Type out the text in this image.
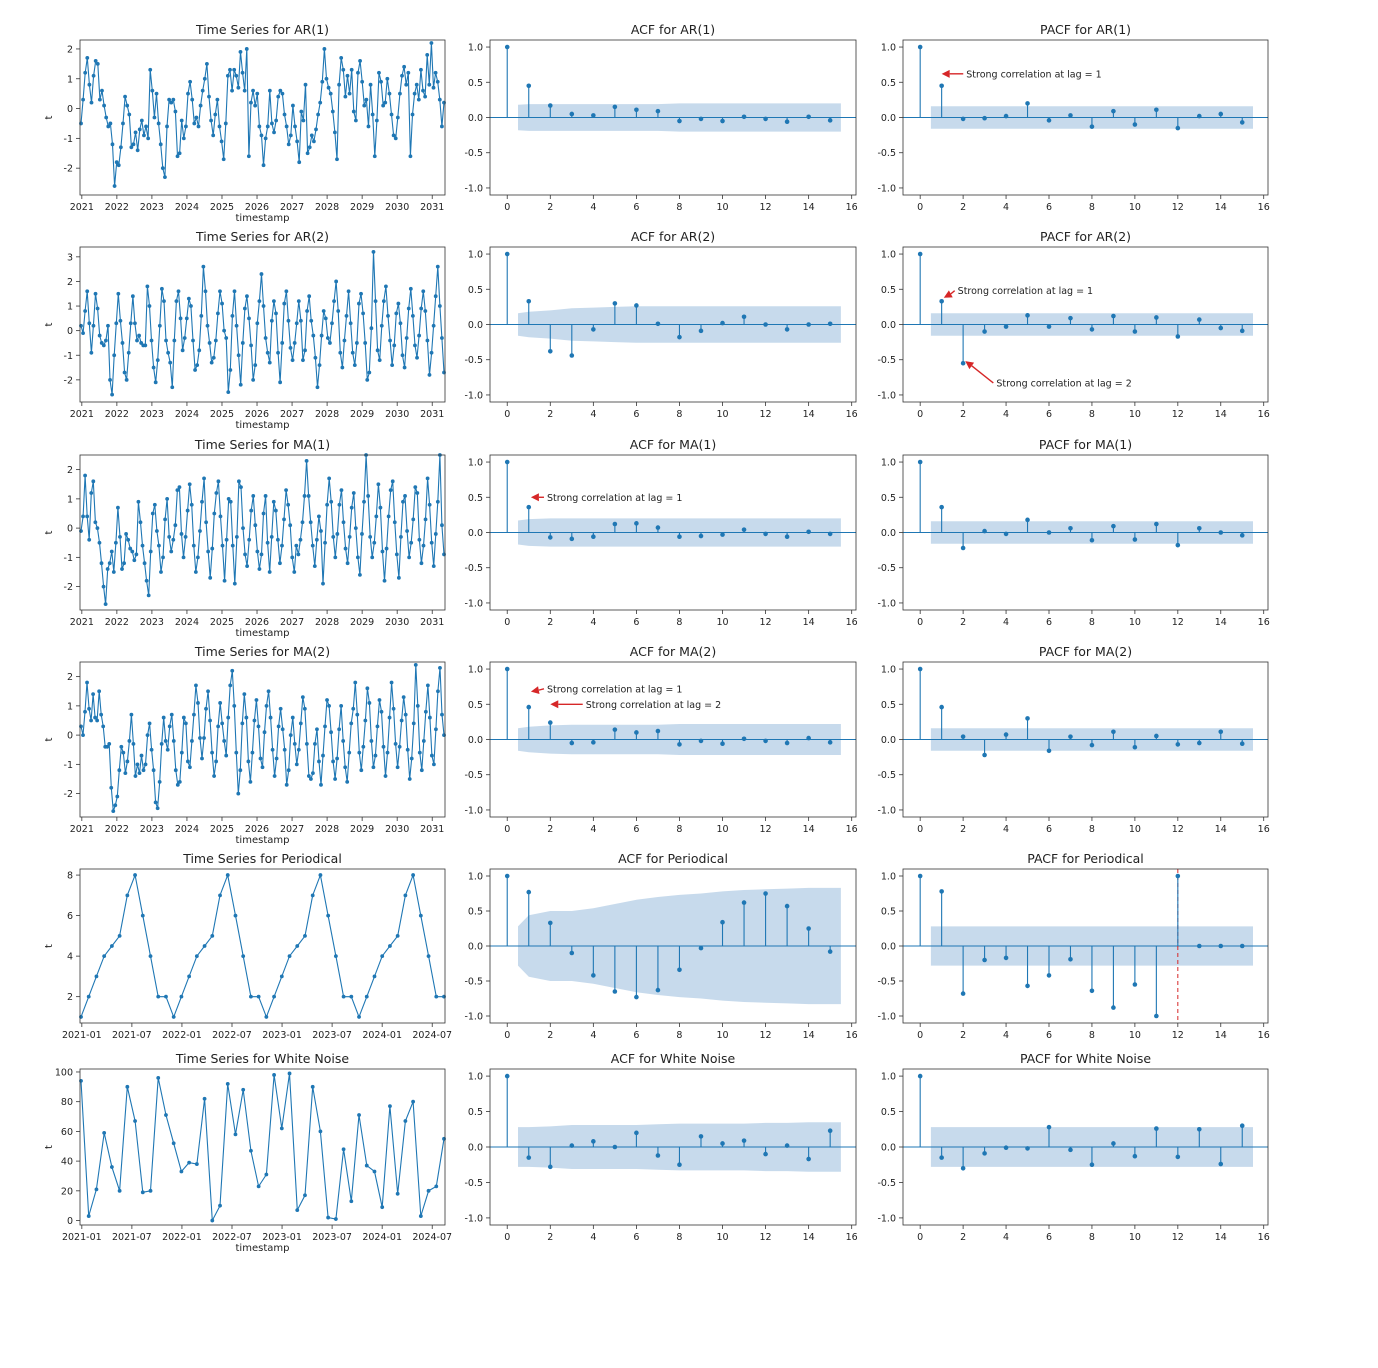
Time Series for AR(1)
-2
-1
0
1
2
2021 2022 2023 2024 2025 2026 2027 2028 2029 2030 2031
timestamp
t
ACF for AR(1)
1.0
0.5
0.0
-0.5
-1.0
0	2	4	6	8	10	12	14	16
PACF for AR(1)
1.0
0.5
0.0
-0.5
-1.0
0	2	4	6	8	10	12	14	16
Strong correlation at lag = 1
Time Series for AR(2)
-2
-1
0
1
2
3
2021 2022 2023 2024 2025 2026 2027 2028 2029 2030 2031
timestamp
t
ACF for AR(2)
1.0
0.5
0.0
-0.5
-1.0
0	2	4	6	8	10	12	14	16
PACF for AR(2)
1.0
0.5
0.0
-0.5
-1.0
0	2	4	6	8	10	12	14	16
Strong correlation at lag = 1
Strong correlation at lag = 2
Time Series for MA(1)
-2
-1
0
1
2
2021 2022 2023 2024 2025 2026 2027 2028 2029 2030 2031
timestamp
t
ACF for MA(1)
1.0
0.5
0.0
-0.5
-1.0
0	2	4	6	8	10	12	14	16
Strong correlation at lag = 1
PACF for MA(1)
1.0
0.5
0.0
-0.5
-1.0
0	2	4	6	8	10	12	14	16
Time Series for MA(2)
-2
-1
0
1
2
2021 2022 2023 2024 2025 2026 2027 2028 2029 2030 2031
timestamp
t
ACF for MA(2)
1.0
0.5
0.0
-0.5
-1.0
0	2	4	6	8	10	12	14	16
Strong correlation at lag = 1
Strong correlation at lag = 2
PACF for MA(2)
1.0
0.5
0.0
-0.5
-1.0
0	2	4	6	8	10	12	14	16
Time Series for Periodical
2
4
6
8
2021-01 2021-07 2022-01 2022-07 2023-01 2023-07 2024-01 2024-07
t
ACF for Periodical
1.0
0.5
0.0
-0.5
-1.0
0	2	4	6	8	10	12	14	16
PACF for Periodical
1.0
0.5
0.0
-0.5
-1.0
0	2	4	6	8	10	12	14	16
Time Series for White Noise
0
20
40
60
80
100
2021-01 2021-07 2022-01 2022-07 2023-01 2023-07 2024-01 2024-07
timestamp
t
ACF for White Noise
1.0
0.5
0.0
-0.5
-1.0
0	2	4	6	8	10	12	14	16
PACF for White Noise
1.0
0.5
0.0
-0.5
-1.0
0	2	4	6	8	10	12	14	16
